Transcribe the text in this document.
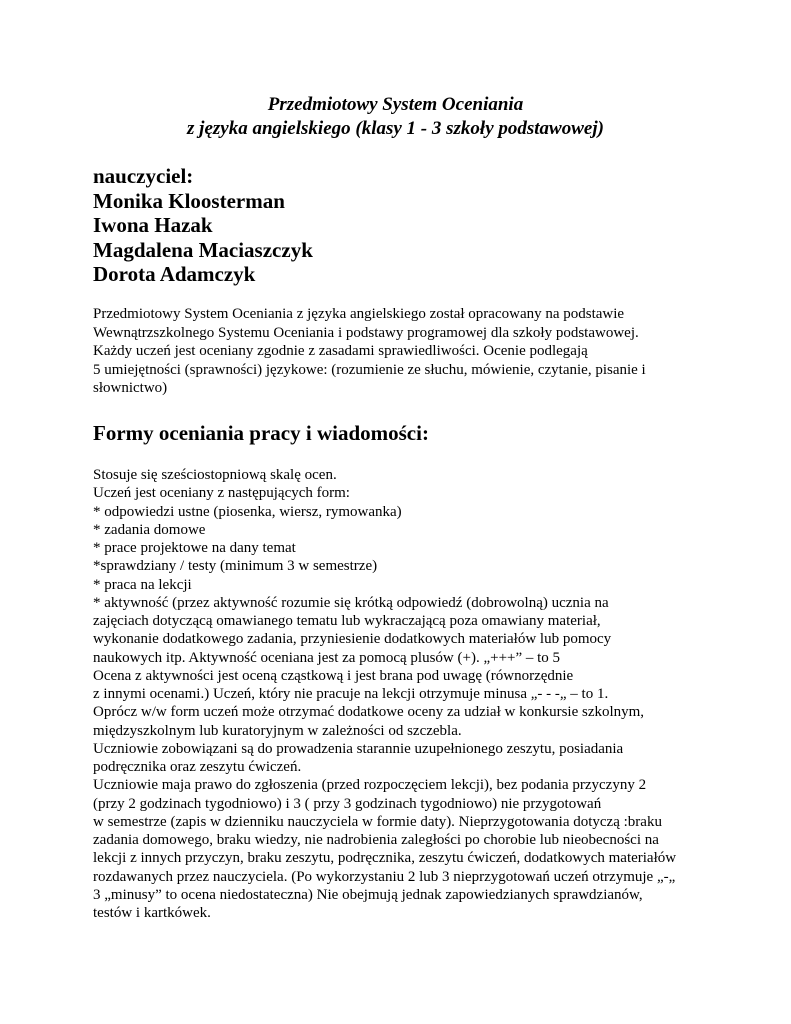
Przedmiotowy System Oceniania
z języka angielskiego (klasy 1 - 3 szkoły podstawowej)
nauczyciel:
Monika Kloosterman
Iwona Hazak
Magdalena Maciaszczyk
Dorota Adamczyk
Przedmiotowy System Oceniania z języka angielskiego został opracowany na podstawie
Wewnątrzszkolnego Systemu Oceniania i podstawy programowej dla szkoły podstawowej.
Każdy uczeń jest oceniany zgodnie z zasadami sprawiedliwości. Ocenie podlegają
5 umiejętności (sprawności) językowe: (rozumienie ze słuchu, mówienie, czytanie, pisanie i
słownictwo)
Formy oceniania pracy i wiadomości:
Stosuje się sześciostopniową skalę ocen.
Uczeń jest oceniany z następujących form:
* odpowiedzi ustne (piosenka, wiersz, rymowanka)
* zadania domowe
* prace projektowe na dany temat
*sprawdziany / testy (minimum 3 w semestrze)
* praca na lekcji
* aktywność (przez aktywność rozumie się krótką odpowiedź (dobrowolną) ucznia na
zajęciach dotyczącą omawianego tematu lub wykraczającą poza omawiany materiał,
wykonanie dodatkowego zadania, przyniesienie dodatkowych materiałów lub pomocy
naukowych itp. Aktywność oceniana jest za pomocą plusów (+). „+++” – to 5
Ocena z aktywności jest oceną cząstkową i jest brana pod uwagę (równorzędnie
z innymi ocenami.) Uczeń, który nie pracuje na lekcji otrzymuje minusa „- - -„ – to 1.
Oprócz w/w form uczeń może otrzymać dodatkowe oceny za udział w konkursie szkolnym,
międzyszkolnym lub kuratoryjnym w zależności od szczebla.
Uczniowie zobowiązani są do prowadzenia starannie uzupełnionego zeszytu, posiadania
podręcznika oraz zeszytu ćwiczeń.
Uczniowie maja prawo do zgłoszenia (przed rozpoczęciem lekcji), bez podania przyczyny 2
(przy 2 godzinach tygodniowo) i 3 ( przy 3 godzinach tygodniowo) nie przygotowań
w semestrze (zapis w dzienniku nauczyciela w formie daty). Nieprzygotowania dotyczą :braku
zadania domowego, braku wiedzy, nie nadrobienia zaległości po chorobie lub nieobecności na
lekcji z innych przyczyn, braku zeszytu, podręcznika, zeszytu ćwiczeń, dodatkowych materiałów
rozdawanych przez nauczyciela. (Po wykorzystaniu 2 lub 3 nieprzygotowań uczeń otrzymuje „-„
3 „minusy” to ocena niedostateczna) Nie obejmują jednak zapowiedzianych sprawdzianów,
testów i kartkówek.
